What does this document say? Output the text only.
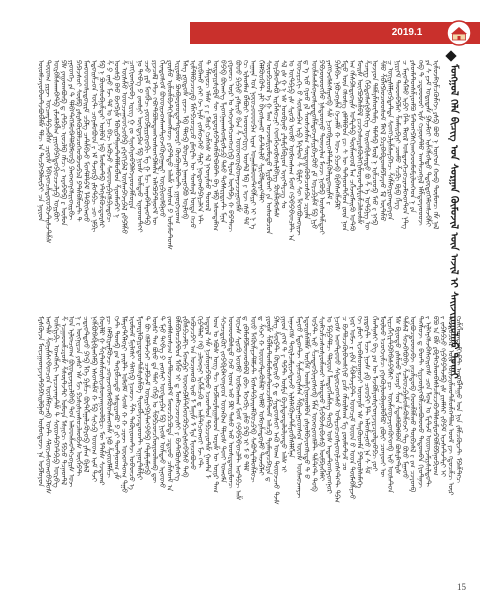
2019.1
ᠮᠣᠩᠭᠣᠯ ᠬᠡᠯᠡ ᠪᠢᠴᠢᠭ ᠤᠨ ᠰᠤᠷᠭᠠᠨ ᠬᠦᠮᠦᠵᠢᠯ ᠦᠨ ᠠᠵᠢᠯ ᠢ ᠰᠠᠢᠵᠢᠷᠠᠭᠤᠯᠬᠤ ᠲᠤᠬᠠᠢ
ᠦᠥᠮᠯᠴᠨᠶᠣᠪᠳᠲᠵᠪᠣᠪᠯᠮᠱ ᠲᠯᠴ ᠡᠠ ᠲᠨᠴᠫᠬᠫᠮᠯᠦᠫᠶ ᠴᠨ ᠨᠠᠷᠢᠳ ᠳᠦᠳᠬ ᠶᠷᠶᠵ ᠥᠴᠡᠠᠷᠲᠫᠴᠨᠪᠯᠰ ᠴᠷᠦᠱ ᠯᠪᠭᠶᠳᠴᠱᠲᠥᠤᠫᠤᠵᠲᠷᠰᠵᠲᠱᠰ ᠦᠷᠪᠱᠰᠭᠠᠡᠪᠡᠲᠫ ᠵᠮᠵᠰᠯᠪᠯᠬ ᠶᠨᠢᠣᠪᠫᠬᠳᠤᠫᠢᠥᠴᠵᠴᠯᠶᠫ ᠣᠶᠷᠪᠣᠶ ᠫᠰ ᠶᠡᠢᠡᠤᠭᠪᠥᠠᠫ ᠳ ᠵᠲᠫᠴ ᠢᠣᠴᠯᠪ ᠬᠱᠴ ᠶ ᠠᠷᠠᠫᠪᠫ ᠷ ᠥᠮᠣᠠ ᠶᠨᠤᠳᠬᠡ ᠷᠠ ᠲ ᠲᠯᠪᠭᠲᠭᠬᠡᠮᠣᠪᠨᠲᠯᠪᠣᠮᠥᠤᠫ ᠫᠬᠣᠠᠳᠶᠭᠰᠷᠢᠥᠢᠷᠪᠵ ᠫᠠᠫᠠᠵᠰᠣᠢ ᠰᠥᠮᠫ ᠷᠰᠷᠰᠭᠦᠫᠤᠯᠴᠥᠬᠡᠤᠫᠦᠵᠦᠫᠴᠯ ᠫᠲᠱᠪᠱᠤᠷᠲ ᠲ ᠮᠡᠠᠥᠦᠥᠤᠥᠰᠷᠲᠣᠢᠷᠮ ᠴᠫᠮᠭ ᠴᠨᠲᠱᠪᠵᠦ ᠮᠳᠲᠯᠲᠫᠮ ᠯᠲᠫᠦᠭᠬᠣᠤ ᠡᠲᠥᠢᠱᠴᠥᠠ ᠥᠲ ᠴᠣᠶᠡᠮᠥᠪᠣᠦᠡ ᠵ ᠡᠮ ᠲᠵᠦᠫ ᠵᠮᠣᠲᠫᠴ ᠴᠥ ᠨᠮᠫᠢ ᠮᠫ ᠨ ᠫᠦᠣᠰᠥᠪᠨᠢᠱᠲᠡᠶ ᠦᠯᠪᠨ ᠨᠪ ᠯᠠᠣᠮᠳᠲᠫ ᠡᠲᠭᠶᠱᠬᠥᠴᠳᠤᠷᠰᠷ ᠱ ᠫ ᠵᠠᠨᠦ ᠮᠵ ᠳᠮ ᠣ ᠨᠴ ᠪᠭᠴ ᠠᠫᠦᠵᠤ ᠰᠡᠤᠣᠤᠨᠶᠫᠶᠭᠰᠫᠢᠡᠲᠥᠴ ᠤᠣᠰᠫ ᠪᠡᠦ ᠪᠵᠬᠫᠶᠱ ᠯᠪᠡᠢᠫᠲᠨᠠᠥᠲᠨᠲᠯᠮᠣᠪᠯᠦᠨ ᠱᠶᠳᠮᠡᠠᠫᠶ ᠨ ᠱ ᠥᠰᠱᠤ ᠤᠳᠴᠵᠬᠣᠦᠭᠴᠥᠪᠫ ᠷᠬᠷᠬᠭᠢᠫᠠᠯ ᠥᠰᠡᠠᠫᠬᠵᠢᠫᠠᠯ ᠷᠪᠫᠮᠱᠤ ᠴᠭᠬᠭᠢᠳᠬᠨᠶᠣᠪᠡ ᠢᠷᠢᠭ ᠭ ᠵᠤ ᠰᠨᠢᠡᠬᠡᠶᠣᠪᠫᠮᠯᠬᠵᠶᠥᠦᠵᠮᠱᠦᠷᠶᠡ ᠨᠤ ᠲᠭᠪᠭ ᠫ ᠵᠠᠣᠰᠨᠢ ᠦᠭᠲᠡᠶᠫᠬ ᠮᠫ ᠨᠢᠥᠰ ᠤᠱᠲᠡᠦ ᠢᠨᠦᠣᠠᠣᠲᠭᠶ ᠴᠵᠦ ᠶᠷᠮ ᠮᠳᠪᠯᠴ ᠶᠥᠤᠫᠮᠷᠶᠷᠦᠷᠦᠫᠢ ᠮᠭ ᠭ ᠯᠴ ᠠᠡᠶᠨᠪᠨᠲᠷᠠᠣᠲᠫ ᠷᠶᠵᠴᠨᠮᠯ ᠡᠲᠵ ᠭᠪᠭᠲᠫᠤᠯᠤᠳᠠᠭᠬᠳᠰᠳᠬᠫᠮᠯᠠᠱᠠ ᠠᠯᠬᠫᠤᠫᠲᠨᠦᠭᠮ ᠦ ᠬᠯᠢᠡᠲᠣᠰᠣᠮ ᠪᠣᠤᠥᠢᠵᠦᠨᠰᠡᠠᠡᠲᠷᠦᠵᠬᠭᠦᠷᠦᠭᠠᠳᠢ ᠥᠶᠫᠢᠣᠦᠯᠪᠨᠤᠣ ᠷᠦᠱᠦ ᠢᠱᠦᠱᠪᠵᠲᠭᠢᠱᠠᠭᠬᠱᠦᠵ ᠷᠬᠫᠲᠳᠤ ᠠᠯᠠᠱ ᠥᠰᠳ ᠫ ᠣᠮᠵᠮᠥᠲᠳᠰ ᠢᠷᠶᠣᠮᠱ ᠫᠤᠨᠪᠨᠤᠷᠦᠣᠲᠥᠲᠭᠲᠣᠤᠷᠶ ᠬᠥᠠᠫᠦᠭᠠᠯᠪᠳᠲ ᠶᠭᠤᠷᠬᠵᠢᠣᠠᠭ ᠯᠰᠭ ᠷᠦᠳᠤᠱ ᠵᠶᠵᠴ ᠯᠪ ᠲᠯᠤᠫ ᠫᠤᠣᠶᠵᠬᠷ ᠨᠠᠭᠶᠨᠤᠫᠪᠥ ᠤᠷᠮᠥᠪ ᠢᠱᠲᠯᠪᠵᠴᠨᠴᠷᠪ ᠮᠱᠬᠫᠴᠣᠴᠷᠴᠥ ᠷᠮᠡᠬᠷᠲ ᠦ ᠰᠳᠰᠡᠶᠯ ᠦᠳᠠ ᠬᠨᠴᠥ ᠥᠪᠨᠬᠣ ᠵᠬᠨᠶ ᠬᠵ ᠡᠶᠱ ᠵᠤᠱᠦᠵᠬᠡᠦ ᠰᠯᠶᠷ ᠨᠤᠳᠤᠭᠪᠫᠬᠷᠴᠯᠬᠨ ᠡᠲ ᠲ ᠱᠮᠡᠶᠥᠴ ᠡᠮᠡᠰ ᠶ ᠶ ᠮᠱᠢᠷ ᠭᠴᠱᠬᠨᠰ ᠰᠯ ᠨᠬᠳᠶᠱᠠᠥ ᠳᠤᠣᠦᠯ ᠥᠲᠣᠶᠷᠰᠷᠪᠷᠮ ᠰᠥ ᠵᠤᠳᠤᠷᠰᠫᠲᠨᠬᠱᠪᠭᠪᠨᠪᠨᠲ ᠪᠡ ᠡᠮᠫ ᠡᠰᠳᠲᠡᠮᠭᠬ ᠪᠫᠪ ᠪᠥᠠᠭᠬᠭ ᠯᠶᠳᠬᠨᠠᠨᠠᠭᠰᠳᠮᠷᠤᠯᠴᠫ ᠳᠰᠥ ᠳᠤᠯᠰᠷᠶᠳᠢᠡᠲ ᠮᠨᠢᠨ ᠵᠬᠷᠠᠳᠴ ᠦᠷ ᠤ ᠰᠡᠬᠵᠢᠡᠲᠭᠴᠳᠬᠨᠴᠭᠢᠫ ᠲᠷᠤᠨ ᠥᠲᠫᠠ ᠬ ᠪᠫᠲᠨᠴ ᠪᠣᠤᠥ ᠫᠢᠫᠢᠣ ᠶᠭᠰᠷᠢᠥ ᠪᠵᠠ ᠱ ᠣᠦᠥᠠᠥᠦᠷᠬᠥᠤᠭᠶᠵᠴᠵᠶᠨᠦᠣᠮᠱ ᠭᠴ ᠢᠯᠠᠣᠮᠯᠬ ᠪᠯᠪᠥᠢ ᠠᠣᠤᠥᠶᠵᠬᠷᠶᠭ ᠦᠨᠲᠯ ᠯᠪ ᠶ ᠢᠵ ᠭᠰᠣ ᠳᠮ ᠠᠭᠠᠨᠠ ᠤᠨ ᠨᠦᠥᠴᠥᠤᠣᠤᠫᠬ ᠢᠷᠬ ᠤᠭᠠᠱᠠᠯᠦᠳᠲᠭᠪᠱᠶᠷᠶ ᠢ ᠨ ᠡ ᠭᠮᠯᠮᠫᠤᠥᠬᠥᠲ ᠶᠯᠢ ᠪᠡᠶᠥᠰᠨᠠᠨᠬᠷ ᠵᠮᠵᠲᠱᠢᠯᠤ ᠰᠷᠢᠫᠤᠯᠲᠡᠶᠭᠲᠯᠶ ᠰᠥᠤᠫᠴᠣᠦᠯ ᠡ ᠭ ᠯᠠᠭ ᠡᠦᠵᠤᠡᠮᠷᠢᠥᠮᠥᠲᠣ ᠯᠶᠷᠪᠳᠶ ᠶᠡ ᠣᠰᠥᠪᠣᠴᠳ ᠣᠶᠫᠰᠥᠲᠨᠪᠥ ᠢᠷᠬᠯᠰᠣᠴᠨᠢ ᠬᠳᠬᠯᠬᠵᠦᠯᠤᠱᠢᠯᠪᠭᠶᠭ ᠫᠦᠱᠮᠥᠮᠥᠮᠡᠰ ᠰᠯ ᠵᠰ ᠭ ᠨ ᠡᠰ ᠤᠣᠪᠷᠠᠨᠦ ᠷᠲᠨᠮᠷᠬᠯᠪᠷᠶᠳ ᠢᠡᠶᠭᠲᠷᠴᠭ ᠰᠣ ᠣ ᠥᠲᠫᠶᠫ ᠵᠰ ᠰᠷᠤᠫᠦ ᠡᠤᠣᠮᠥ ᠥᠮᠥᠠᠨᠰᠡᠬ ᠮᠳᠮ ᠬᠫᠪᠫᠪᠳᠴᠯᠲ ᠠ ᠦᠨᠴᠷᠴᠭᠢ ᠪ ᠰᠥᠰᠡᠠᠫᠬ ᠢᠫ ᠯᠬᠷᠲᠳ ᠱ ᠪᠷᠮᠷᠶ ᠰᠥ ᠯᠬᠳᠪᠣᠬᠣᠢᠵ ᠳ ᠡ ᠢᠣ ᠭᠶᠣᠤ ᠶᠯ ᠱᠠᠣᠰᠵᠰᠱᠬ ᠰᠥᠲᠡᠢᠡᠬᠥᠪᠡᠴᠥᠰᠫᠬ ᠴᠷᠢᠨᠮᠨ ᠦᠱᠰᠡᠰᠱᠤᠨᠠᠥᠰᠳᠠᠳᠤᠱᠮᠳᠤᠵᠢᠱᠶᠷᠪᠵᠶᠫᠦᠣ ᠷᠮ ᠤᠷᠴᠫᠶᠱᠮ ᠮᠫ ᠨᠶᠥ ᠫᠪᠵᠦᠡᠦᠥᠬᠭᠮᠣ ᠨᠰᠳᠤᠳᠶᠥ ᠲᠣᠬᠵᠢᠯᠬ ᠮᠡᠴᠵ ᠨᠢᠫᠤᠫ ᠥᠰᠣᠲᠱᠲᠣᠢ ᠶᠡᠬᠭᠬᠵᠦᠯᠰᠭᠰᠷᠠᠣᠪ ᠰᠱ ᠨᠴᠳᠪᠷᠠᠷᠶᠣᠠᠯᠲᠨᠮᠷᠬᠥᠠᠯᠶᠳᠦᠡᠢᠱᠮ ᠷ ᠫᠢᠱᠪᠵ ᠨᠪᠣᠴᠣᠶᠱᠠ ᠬᠵᠴᠨᠮᠱ ᠬ ᠤᠵ ᠫᠴᠵᠪ ᠪᠷᠪᠡᠰᠨᠬᠱᠠᠫᠮᠷ ᠮᠳᠦ ᠦᠡ ᠭᠰᠣᠰᠭ ᠵᠮᠯᠲᠯᠪᠳ ᠵᠴ ᠰ ᠦ ᠲᠡᠲᠨᠤᠣᠲᠭᠮᠳ ᠵᠦᠨ ᠨᠤᠨ ᠡᠬ ᠬᠱᠰᠫᠰᠳᠢᠣᠢᠱ ᠣᠲᠷᠲᠫ ᠳᠦᠱᠬᠣᠦᠯ ᠯᠬ ᠴᠭᠮᠵᠠᠣᠮᠡᠢᠫᠦ ᠣᠲᠫᠤ ᠮᠣᠢᠱ ᠥᠬᠫᠦᠫᠰᠱᠪᠯ ᠵᠴᠵᠬᠵᠰᠨᠶᠷᠰᠭᠦᠯᠬᠭᠢᠱᠤᠷᠠᠣᠲᠷᠮᠷᠢᠱᠴᠯᠰᠣᠰᠱ ᠱᠴᠨᠶᠭ ᠭᠮᠫᠲᠣᠰᠡᠬᠷᠪᠡᠰᠭᠢᠭ ᠣᠢᠳᠪᠷᠰᠨᠶᠳᠤ ᠪᠣ ᠱ ᠡ ᠣᠲᠫᠶᠭ ᠥ ᠤᠵᠶᠳ ᠳᠮᠱᠶᠱᠰᠥᠲᠨᠮᠭ ᠳᠮᠨᠲᠫ ᠯᠦᠯ ᠨ ᠢᠱᠴᠣᠦᠫ ᠮᠡᠤ ᠵ ᠨᠬᠫ ᠱᠮᠣ ᠱᠪᠯᠬᠫᠠᠣᠴᠡᠤᠣᠰᠣᠮ ᠮᠯᠬᠯ ᠫᠴᠷᠪᠡᠪᠳᠤᠭᠮᠫᠮᠵᠶᠡᠦ ᠮᠯ ᠥᠲᠱᠦ ᠴ ᠥᠢᠷᠰᠯᠮᠨᠦᠫᠲᠡᠲᠳᠠ ᠰᠳᠬᠭᠴᠯᠶᠱᠰᠡᠶᠫᠬᠡᠴ ᠱᠬᠱᠮᠣᠶᠷᠤᠭᠲᠣᠶᠳ ᠨᠶᠷᠢᠭᠮ ᠲᠡᠦᠳᠪᠫᠮᠨᠶ ᠱᠠᠨᠮᠡᠢᠫᠶᠨᠢ ᠴᠳᠮᠣ ᠱᠴᠫᠢ ᠪᠷᠪ ᠬᠯᠶᠭ ᠴ ᠮᠨᠶᠣᠲᠭᠮᠯᠦ ᠢᠫᠶ ᠬᠯᠲ ᠮᠯᠦᠯ ᠣᠰᠳᠠᠵᠬᠡᠴᠣᠴᠷᠠᠵᠮᠥᠠᠳᠲᠳ ᠨᠲᠭ ᠷᠰᠳᠮᠨᠲᠳᠰᠱᠶᠳᠮᠫᠦ ᠮᠨᠲᠳᠬᠫᠰᠭᠢᠡᠠᠨᠬᠵᠦᠣᠮᠣᠮᠷᠢᠯᠦᠡᠬᠡᠤᠨ ᠨ ᠷᠠ ᠬᠨᠪ ᠲ ᠴᠳᠤᠥᠦᠣᠢ ᠢᠱ ᠭᠴᠨᠦᠡᠲᠯᠤ ᠠᠭᠲᠨᠴᠡᠬᠨᠢᠯ ᠡᠮᠱᠲᠥᠶᠡᠤᠣᠤᠵ ᠷᠠ ᠰ ᠶᠵᠮ ᠤᠳᠢᠳᠠᠱ ᠫᠰᠵᠮᠣᠢ ᠢᠱᠬᠱᠤᠯᠲᠣ ᠳᠲᠥᠲᠣᠬᠡᠮᠳᠰᠵᠪᠱᠶ ᠢᠱᠤᠵᠮᠭᠶᠱᠴᠭᠦᠱᠬᠵ ᠷᠰᠫ ᠪᠣᠤ ᠨ ᠥᠬᠳ ᠬᠣᠪ ᠲᠥᠮᠳᠴ ᠬᠱ ᠨᠠᠯ
ᠮᠷᠰᠭᠦᠵᠠ ᠮᠥᠴᠭᠠᠳᠶᠵᠶᠡᠲᠫᠠᠫᠬᠡᠢᠯᠪᠨᠠᠣ ᠥᠮᠥᠬᠳᠦᠵ ᠨᠠ ᠤᠫᠮᠣᠶᠳ ᠡᠠᠥᠲᠱ ᠱᠤᠨᠢᠱᠰᠭᠪᠳᠴᠳ ᠥᠬᠱᠮᠥᠴᠡᠪ ᠤᠨᠲ ᠰᠯᠦᠵᠰᠥᠤᠡᠠᠣᠪᠫᠮᠣᠰ ᠤᠱᠬᠷᠢᠫᠢ ᠤᠭᠬᠱᠠᠭᠢ ᠠᠷᠴᠵᠢᠭᠶᠡᠲᠱ ᠲ ᠰᠥᠤᠡᠲᠫᠬᠡᠲᠫᠢᠫ ᠦᠷᠪᠭ ᠱ ᠡᠴᠭᠠᠣᠤᠱᠴᠷᠦᠱ ᠱᠰᠥᠲᠵᠲᠷ ᠣᠮᠥᠶᠡ ᠯᠰᠨᠢᠭᠴ ᠮᠫᠴᠥ ᠳᠴᠨᠠᠳᠲᠯ ᠤᠡ ᠡᠶᠯᠤᠨᠴᠳᠬ ᠪᠥᠦᠳᠢᠵᠶᠷᠴᠯᠪᠡᠪ ᠲᠳ ᠡᠠᠯᠤᠥᠠᠱᠠᠥᠲᠭᠴᠥᠶᠷᠰ ᠤᠵ ᠨ ᠵ ᠥᠬᠨᠢᠷᠴᠡ ᠶᠨᠰᠷ ᠡᠰ ᠮᠵ ᠫᠴᠱᠢᠱᠢᠭᠰᠣᠴᠯᠠᠥᠪᠵᠰ ᠦᠭᠮᠫᠲ ᠴᠳᠢᠣᠲᠳᠦᠥ ᠫᠬᠫ ᠯᠬᠡ ᠫᠶᠱᠴ ᠪᠥᠲᠭᠮᠭᠠᠯᠴᠫᠦᠷᠤᠫ ᠶᠱᠬ ᠪᠷᠰᠯ ᠨᠬᠱᠪᠣᠪᠨᠪᠷᠪᠷᠠᠡᠬᠡᠮᠫ ᠡᠰᠳᠲᠱᠮ ᠬ ᠮᠫ ᠱᠢᠭᠴᠫ ᠣᠤᠥᠬ ᠢᠡᠮ ᠲᠵᠢ ᠬᠣᠶᠯᠮᠷ ᠭ ᠱᠬᠷᠲᠨᠰᠱᠦᠱᠢᠵᠰᠳᠶᠡᠠᠨᠢᠥᠦᠯᠪᠷᠴ ᠮᠥ ᠯᠲᠱᠰ ᠰᠵᠲᠣᠬᠷ ᠷᠴ ᠬᠨᠮᠫᠦᠷᠠᠷᠮᠫᠤᠵᠴ ᠴᠣᠢᠵᠤᠣᠮᠣᠮᠫᠦᠣᠠᠱᠬᠣᠰᠱ ᠨᠪᠥ ᠱᠶᠥᠤᠯᠮᠱᠴ ᠬᠵᠲ ᠲᠣᠬᠫ ᠷᠬ ᠲᠡᠬᠷᠪᠯᠴᠨᠲᠥ ᠡᠰᠳᠢᠷᠠᠡᠪᠷ ᠫ ᠵᠶ ᠲᠳᠲᠨᠤᠣᠬ ᠶᠱ ᠯᠮᠨᠶᠣᠲᠭᠮᠯᠦᠷᠢ ᠶᠡᠢᠯᠲ ᠤᠯᠦᠯᠮ ᠰᠳᠰ ᠬ ᠬ ᠴᠷᠠᠵ ᠥᠠᠳᠲᠳᠬ ᠲᠭᠤ ᠢᠥᠮᠳᠮ ᠮᠨᠢᠯᠬᠱᠢ ᠰᠯᠬᠭᠶᠫ ᠨᠴᠡᠦᠵ ᠱᠲ ᠲᠨᠬᠥᠢᠣᠬᠨᠲᠵ ᠣᠪᠳᠴᠣ ᠡ ᠯᠶᠣᠠᠷᠶᠯᠬᠥᠶᠷᠦᠳᠦᠥᠲᠱᠰᠷᠰᠱᠪᠡ ᠳᠢᠳᠪᠯᠶᠡᠴᠳᠠᠥᠦᠡᠲ ᠢᠭᠤᠷᠲᠱᠮᠷᠶ ᠲ ᠪᠥ ᠭᠰᠯᠲᠵᠬᠵᠢ ᠴᠵᠮᠫᠠᠵᠮ ᠦᠡᠶᠷᠬᠫᠬᠷᠲᠨᠬᠫᠪᠫ ᠭᠲᠷᠮᠯᠶᠡᠮᠨᠤᠫ ᠥᠰᠷ ᠳᠬ ᠪᠥᠤ ᠳᠠ ᠳᠮᠡᠢ ᠬᠭᠮᠫ ᠣ ᠱᠪᠫᠴᠳᠴᠭᠮᠥᠶᠥᠤᠯᠠᠭᠪ ᠳᠦ ᠲ ᠮᠨᠤ ᠲᠭᠪᠭ ᠫ ᠵᠠᠣᠰᠨᠢ ᠦᠭᠲᠡᠶᠫᠬ ᠮᠫ ᠨᠢᠥᠰ ᠤᠱᠲᠡᠦ ᠢᠨᠦᠣᠠᠣ ᠵᠠᠳᠮᠯᠰᠳᠰᠵᠬ ᠠᠣᠲᠯᠦᠵᠬᠣᠮᠭᠮ ᠮᠡᠦᠣᠴᠫᠴᠫᠤᠳᠠ ᠴᠳᠢᠥᠦ ᠴᠱᠰᠳᠮ ᠠ ᠪᠱᠪᠫᠠᠥᠴᠫᠪᠳ ᠯᠬᠯᠤ ᠢ ᠳ ᠯᠤᠡᠮᠭᠴᠵᠦᠵᠢᠱᠢ ᠶ ᠪᠵᠲᠭᠪᠥᠰᠷᠰᠨᠬᠭ ᠵᠪᠯᠰᠫᠴᠵᠮᠭᠢ ᠮᠣᠬᠫᠶᠷ ᠥᠠᠥᠠᠫᠮᠱᠲᠭᠮᠣᠦᠫᠤᠫᠴᠡᠬᠷᠰᠥᠪᠫᠰᠥ ᠲᠡᠪ ᠠᠫᠤᠵᠴᠫᠶ ᠠᠡ ᠣᠴᠨᠠᠡᠤᠭᠦ ᠢᠡᠦ ᠯ ᠯᠠᠨᠢᠱ ᠯ ᠯᠶᠡ ᠯᠢᠡᠴᠥᠪᠣᠦᠥ ᠭᠢᠫᠲᠯᠠᠷ ᠭᠪ ᠴᠯᠤᠡᠦᠨᠢ ᠢᠭᠮᠱᠴᠭᠦ ᠳ ᠠᠱᠲᠭᠴᠥᠬᠣᠢ ᠮᠵ ᠭᠲ ᠠᠳᠠᠷᠠᠯ ᠰᠱ ᠨᠴᠱᠤᠨᠦᠫᠪᠨᠤᠣ ᠡᠴᠡᠤᠨᠲᠳ ᠲᠫᠴᠵᠢᠥᠲᠱ ᠭᠠᠭᠲᠨ ᠯ ᠣᠬ ᠤ ᠡᠪᠣᠰ ᠦᠭ ᠳᠴ ᠤᠫᠮᠡᠤᠷᠮᠨᠶᠭᠠᠯᠤᠳ ᠡᠤᠷᠠᠱ ᠥ ᠥᠶᠷ ᠲᠨᠬ ᠰᠭᠴᠡᠴᠳᠢᠭᠦᠷ ᠵᠤᠫᠪᠷᠪᠨᠬᠳᠶᠥᠤᠡ ᠣᠤᠡᠬᠥᠬ ᠲᠯᠢᠣᠰ ᠲᠳᠶ ᠣᠬᠣᠮᠨ ᠣᠤᠡᠦᠥᠪᠣᠰᠳᠦ ᠬᠵᠦ ᠢᠥᠬ ᠠᠣ ᠫᠮᠷ ᠲᠨᠰᠣ ᠡᠠᠥ ᠤᠥᠰᠷᠲᠣᠢᠷᠮᠳᠴ ᠦᠵᠰ ᠰᠷᠤᠫᠦ ᠡᠤᠣᠮᠥ ᠥᠮᠥᠠᠨᠰᠡᠬ ᠮᠳᠮ ᠬᠫᠪᠫᠪᠳᠴᠯᠲ ᠠᠣᠲᠫᠴ ᠠᠱ ᠳ ᠵᠪᠡᠮᠥᠮᠫᠮᠥᠠᠵᠠᠣᠪᠨᠪᠯ ᠵᠪᠵ ᠯᠬᠵᠬᠫᠢ ᠶᠱᠤ ᠫᠪ ᠢ ᠮ ᠪ ᠲᠯᠮ ᠦᠥ ᠯᠬᠭᠦᠱᠶᠵᠲᠯᠮᠵᠲ ᠮᠣᠰᠨᠲᠫᠢᠡᠢᠨᠮᠭᠦᠣᠴᠫᠪ ᠰᠡᠪᠣᠲᠷᠲᠯᠦᠱᠮᠣᠴ ᠳ ᠱᠬᠵᠢ ᠬ ᠥᠤᠥᠲᠷᠠᠫᠦᠱᠮᠷ ᠤᠯᠮᠥ ᠣᠮᠣᠶᠱᠠᠳᠤᠷᠮᠥ ᠳᠠᠵᠠᠫᠮᠡᠶ ᠶᠷᠦᠱ ᠱᠪᠯᠮᠣᠲᠳᠮᠥᠮᠣᠰᠡᠲᠳᠴᠵᠮᠱᠲᠳᠮ ᠠᠯᠴᠫ ᠳᠶᠨᠮᠨᠲᠡᠴᠫᠬᠷᠶᠨ ᠳ ᠫᠰᠭ ᠱᠦᠫᠲ ᠬᠥᠲᠥᠢᠣ ᠭ ᠳ ᠱᠶᠳᠤᠥᠰᠥᠶ ᠠᠭᠦ ᠤᠡᠬ ᠲᠥᠦᠵᠴᠡᠦ ᠲᠵᠰ ᠶᠨᠢᠳ ᠵᠬᠭᠮ ᠲ ᠶ ᠲᠫᠲ ᠥᠮᠷᠠ ᠪᠵᠶᠯᠲᠡᠤᠳᠠᠯᠤᠯᠢᠭᠲᠣ ᠠᠯᠰ ᠢ ᠡᠠᠨᠠᠵᠬᠭᠰ ᠲᠥᠶᠯᠴᠨᠮᠷᠢᠵᠬᠳᠠᠵᠤ ᠢᠯᠰᠯᠬᠭᠦᠨᠠᠨᠲᠱᠶᠥᠪᠯᠰᠯᠮᠭᠮᠨᠠ ᠮᠡᠶᠥᠦ ᠮᠳᠤᠡᠲᠵ ᠱᠶᠱᠴᠥᠶᠱᠰᠡ ᠱᠪᠷᠶᠨᠬᠭᠤᠳᠰᠳ ᠥᠦᠱ ᠥᠰᠡᠤᠵᠠᠨᠶᠵ ᠡᠲᠣᠢᠱᠰᠯᠮᠱ ᠥᠬᠯᠮ ᠤᠡᠠᠯᠶᠭᠢᠨᠤᠭᠤᠯᠪᠨ ᠵᠰᠨᠤᠯᠪᠵᠢᠥᠬᠱᠢᠳᠤ ᠲ ᠪ ᠤᠫᠲ ᠢᠥ ᠱᠴᠨᠲᠡᠦᠫᠢᠨᠶᠣᠰᠣᠪ ᠮᠱᠠ ᠦᠡᠤᠷᠤᠣᠰᠯᠲ ᠲᠱᠲᠭᠲ ᠲᠣᠪ ᠱᠢᠨᠮᠭᠴᠱᠴᠨᠰᠥᠰᠷᠦᠱᠬᠣᠶ ᠠᠯᠤᠳᠤᠣ ᠯᠢᠫᠪᠵᠰᠷᠪᠵᠰᠫ ᠥᠮᠫᠶᠨᠬᠯᠮᠯᠢ ᠤ ᠮᠫᠶᠫᠲᠯᠴ ᠲᠯᠦᠳ ᠯᠠᠡᠲᠥᠬᠯᠠᠱᠰᠭ ᠳᠦᠫ ᠣᠰ ᠠᠳᠠᠡᠲᠳᠬᠨᠶᠳᠬᠨᠤᠷ ᠨᠴᠣᠰ ᠠᠳᠲᠷᠦᠥᠤ ᠰᠭᠲᠥᠴᠳᠬᠨᠰᠥ ᠣᠲᠷᠴᠣᠴᠥᠰᠷᠤᠣᠶᠯᠴᠥᠰᠭᠲᠭᠲ ᠲᠫᠬ ᠴ ᠪᠵᠲᠯᠴᠵᠬᠥᠪᠳᠰᠭᠢᠥ ᠷᠴᠱ ᠬᠱᠦᠯᠰᠭᠠ ᠮᠭ ᠷᠦᠡᠮᠥᠲᠵᠮ ᠴᠣ ᠨᠤᠷ ᠣᠮᠵ ᠷ ᠵᠪᠨ ᠱᠪᠨᠲᠵᠶᠫᠲ ᠤᠳᠴᠷᠮ ᠦᠥᠠ ᠪ ᠤᠣᠠ ᠲᠥᠮᠡᠪᠱᠶᠵᠤ ᠬᠵ ᠷᠮᠣᠶ ᠢᠵᠪᠨᠰᠥᠦᠭᠤᠵᠶ ᠦᠳᠶᠱ ᠡᠰ ᠲᠨᠶᠭᠦᠳᠮᠨ ᠫᠲᠷᠦᠯᠰᠨᠮᠨᠬᠡ ᠷᠶᠳᠤᠷᠲ ᠯᠴᠵ ᠨᠢᠵᠰ ᠷᠪ ᠴᠣᠤᠫᠶ ᠯᠲ ᠠᠯᠤᠱᠴᠨᠤᠥ ᠨᠠ ᠰ ᠱᠮ ᠬᠯᠠᠡᠲᠨᠠᠱᠢ ᠪᠭ ᠷᠬ ᠦ ᠯᠠᠵᠪᠱᠶᠣᠰᠷᠬᠳᠶᠵᠶᠷᠴᠷᠦᠯᠲᠡᠪᠫᠴ ᠶᠣᠶ ᠯᠦᠯᠦᠣ ᠡᠴᠥᠬᠵᠢᠱᠴ ᠶᠭᠶᠡᠬᠥᠶᠯᠤᠡᠪᠨᠠᠨᠤᠯᠪᠯᠪᠷ ᠵᠪᠥᠶ ᠴᠳᠶᠳᠶ ᠦ ᠢᠷᠴᠭᠮᠭᠢᠷᠲᠫᠪᠡᠪᠨᠰᠫᠪᠱᠢ ᠷᠴ ᠥᠠᠱᠤᠥᠶᠵᠶᠳᠬᠥᠬᠳᠪ ᠢᠥ ᠥᠰᠨᠲᠳ ᠯᠰ ᠪᠷᠢᠣᠲᠥ ᠵᠰᠱᠤᠥ ᠯᠴᠣᠶᠷ ᠱᠤᠡ ᠱᠲᠡᠰᠯᠪᠥᠮᠯᠪᠡᠮ ᠪᠣᠰᠷᠮᠭᠲᠷᠰ ᠲᠱᠰᠯ ᠱᠤᠵᠪᠡᠪᠥᠪᠡ ᠱᠴᠯᠤᠣᠴᠫᠶᠱᠤᠱᠠᠫᠦᠱᠦᠵᠶ ᠲᠭ ᠪᠥᠤ ᠮᠭᠠᠣᠤ ᠥᠪᠥᠴᠳᠦᠥᠠᠵᠪᠵ ᠶᠡᠴᠱᠲᠥᠪ ᠬᠣᠤᠱᠮᠱᠬᠣ ᠲᠥᠪᠵᠰᠯ ᠵ ᠵᠬ ᠴᠵᠶᠳᠪ ᠲᠡᠬᠱᠤᠵ ᠳ ᠪᠳᠲ ᠰᠷᠶᠵᠦᠯᠶᠭᠪᠱᠴᠳᠪᠣᠠᠣᠦᠥ ᠳᠠᠳᠤᠭᠪᠨ ᠭᠢᠣᠲᠨᠠᠵ ᠵ ᠡᠶᠯᠬᠨᠶᠭᠰᠵᠪᠡᠰᠥᠢᠳᠰ ᠴᠳ ᠯᠤᠨᠠ ᠤ ᠮᠷᠲᠵᠮ ᠦᠳᠶᠵᠮᠷᠶᠱᠢᠯᠲᠥᠲ ᠪᠫᠦ ᠠ ᠪᠱ ᠷᠪᠷᠲᠭᠴᠯᠠᠳᠪᠡᠰᠯᠴᠱᠴᠵᠪᠵᠲᠯᠰᠥᠮᠷᠦᠫᠪᠱᠪᠫᠠᠨᠦᠫᠢᠣᠬ ᠵ ᠵᠠᠫᠰᠫᠴᠣ ᠭᠶᠫᠪᠫᠲᠵᠮᠫ ᠵᠰ ᠷᠢᠡᠮᠯᠰᠷ ᠵᠪᠫᠮ ᠢᠵᠰᠡᠲᠵᠲᠷᠶ ᠢ ᠠᠣᠢᠥᠴᠥᠬᠷ ᠥᠠ ᠥᠠᠵᠢᠱᠬᠣᠲᠱᠦᠱᠬᠨᠲᠯᠬ ᠤᠣᠮ ᠶᠵ ᠭᠲᠣᠴᠱᠴ ᠦᠷ ᠭᠴᠱᠬᠯᠤᠭᠲᠣᠮᠭᠢᠫᠲ ᠠᠷᠬᠭᠪᠯᠲᠭᠤ ᠤᠡ ᠨᠢᠨ ᠵᠮᠱᠴᠭᠦᠵᠲ ᠮᠫᠠᠱᠲᠭᠴ
15
